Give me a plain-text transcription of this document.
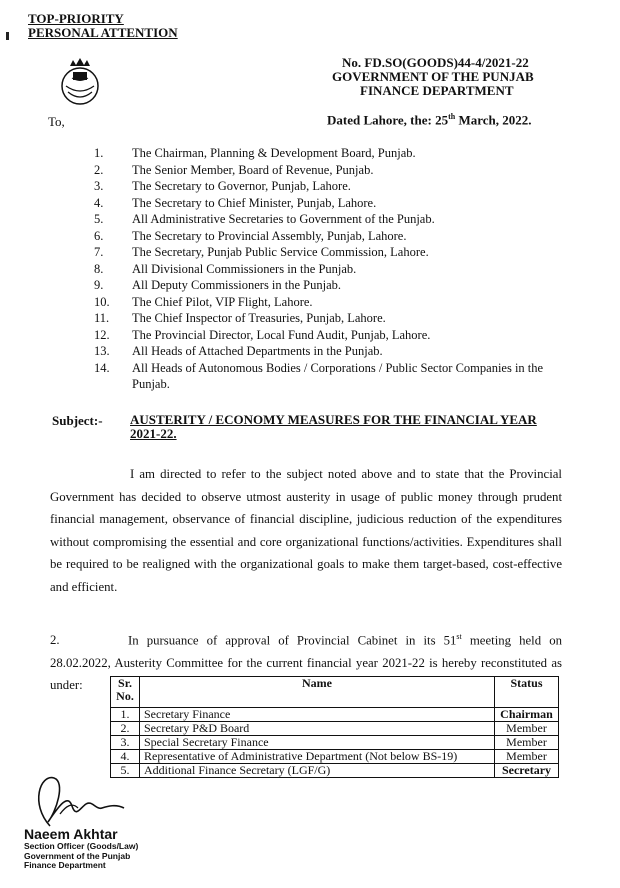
TOP-PRIORITY
PERSONAL ATTENTION
No. FD.SO(GOODS)44-4/2021-22
GOVERNMENT OF THE PUNJAB
FINANCE DEPARTMENT
To,	Dated Lahore, the: 25th March, 2022.
1.	The Chairman, Planning & Development Board, Punjab.
2.	The Senior Member, Board of Revenue, Punjab.
3.	The Secretary to Governor, Punjab, Lahore.
4.	The Secretary to Chief Minister, Punjab, Lahore.
5.	All Administrative Secretaries to Government of the Punjab.
6.	The Secretary to Provincial Assembly, Punjab, Lahore.
7.	The Secretary, Punjab Public Service Commission, Lahore.
8.	All Divisional Commissioners in the Punjab.
9.	All Deputy Commissioners in the Punjab.
10.	The Chief Pilot, VIP Flight, Lahore.
11.	The Chief Inspector of Treasuries, Punjab, Lahore.
12.	The Provincial Director, Local Fund Audit, Punjab, Lahore.
13.	All Heads of Attached Departments in the Punjab.
14.	All Heads of Autonomous Bodies / Corporations / Public Sector Companies in the Punjab.
Subject:- AUSTERITY / ECONOMY MEASURES FOR THE FINANCIAL YEAR 2021-22.
I am directed to refer to the subject noted above and to state that the Provincial Government has decided to observe utmost austerity in usage of public money through prudent financial management, observance of financial discipline, judicious reduction of the expenditures without compromising the essential and core organizational functions/activities. Expenditures shall be required to be realigned with the organizational goals to make them target-based, cost-effective and efficient.
2.	In pursuance of approval of Provincial Cabinet in its 51st meeting held on 28.02.2022, Austerity Committee for the current financial year 2021-22 is hereby reconstituted as under:	Sr. No.	Name	Status
1.	Secretary Finance	Chairman
2.	Secretary P&D Board	Member
3.	Special Secretary Finance	Member
4.	Representative of Administrative Department (Not below BS-19)	Member
5.	Additional Finance Secretary (LGF/G)	Secretary
Naeem Akhtar
Section Officer (Goods/Law)
Government of the Punjab
Finance Department
